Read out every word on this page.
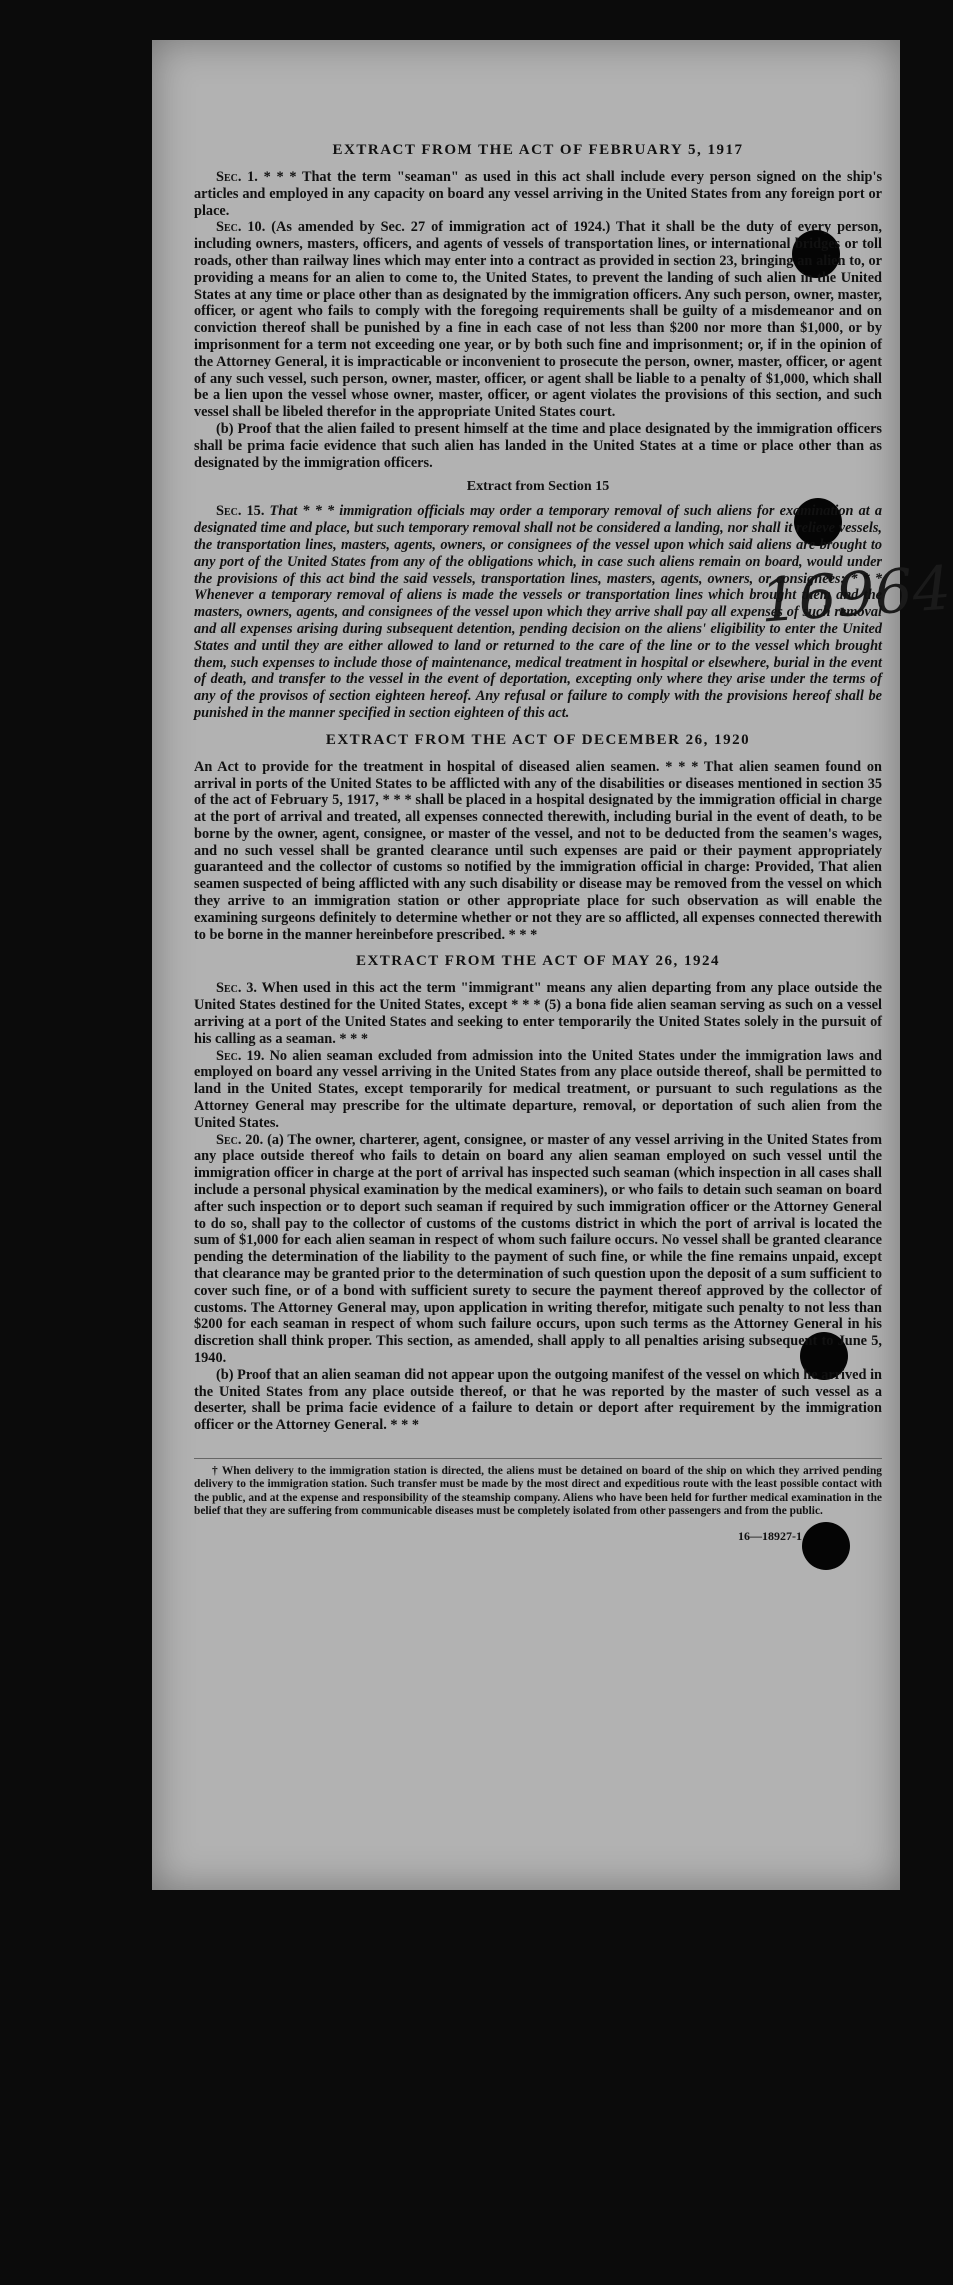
16964
EXTRACT FROM THE ACT OF FEBRUARY 5, 1917

Sec. 1. * * * That the term "seaman" as used in this act shall include every person signed on the ship's articles and employed in any capacity on board any vessel arriving in the United States from any foreign port or place.

Sec. 10. (As amended by Sec. 27 of immigration act of 1924.) That it shall be the duty of every person, including owners, masters, officers, and agents of vessels of transportation lines, or international bridges or toll roads, other than railway lines which may enter into a contract as provided in section 23, bringing an alien to, or providing a means for an alien to come to, the United States, to prevent the landing of such alien in the United States at any time or place other than as designated by the immigration officers. Any such person, owner, master, officer, or agent who fails to comply with the foregoing requirements shall be guilty of a misdemeanor and on conviction thereof shall be punished by a fine in each case of not less than $200 nor more than $1,000, or by imprisonment for a term not exceeding one year, or by both such fine and imprisonment; or, if in the opinion of the Attorney General, it is impracticable or inconvenient to prosecute the person, owner, master, officer, or agent of any such vessel, such person, owner, master, officer, or agent shall be liable to a penalty of $1,000, which shall be a lien upon the vessel whose owner, master, officer, or agent violates the provisions of this section, and such vessel shall be libeled therefor in the appropriate United States court.

(b) Proof that the alien failed to present himself at the time and place designated by the immigration officers shall be prima facie evidence that such alien has landed in the United States at a time or place other than as designated by the immigration officers.

Extract from Section 15

Sec. 15. That * * * immigration officials may order a temporary removal of such aliens for examination at a designated time and place, but such temporary removal shall not be considered a landing, nor shall it relieve vessels, the transportation lines, masters, agents, owners, or consignees of the vessel upon which said aliens are brought to any port of the United States from any of the obligations which, in case such aliens remain on board, would under the provisions of this act bind the said vessels, transportation lines, masters, agents, owners, or consignees: * * * Whenever a temporary removal of aliens is made the vessels or transportation lines which brought them and the masters, owners, agents, and consignees of the vessel upon which they arrive shall pay all expenses of such removal and all expenses arising during subsequent detention, pending decision on the aliens' eligibility to enter the United States and until they are either allowed to land or returned to the care of the line or to the vessel which brought them, such expenses to include those of maintenance, medical treatment in hospital or elsewhere, burial in the event of death, and transfer to the vessel in the event of deportation, excepting only where they arise under the terms of any of the provisos of section eighteen hereof. Any refusal or failure to comply with the provisions hereof shall be punished in the manner specified in section eighteen of this act.

EXTRACT FROM THE ACT OF DECEMBER 26, 1920

An Act to provide for the treatment in hospital of diseased alien seamen. * * * That alien seamen found on arrival in ports of the United States to be afflicted with any of the disabilities or diseases mentioned in section 35 of the act of February 5, 1917, * * * shall be placed in a hospital designated by the immigration official in charge at the port of arrival and treated, all expenses connected therewith, including burial in the event of death, to be borne by the owner, agent, consignee, or master of the vessel, and not to be deducted from the seamen's wages, and no such vessel shall be granted clearance until such expenses are paid or their payment appropriately guaranteed and the collector of customs so notified by the immigration official in charge: Provided, That alien seamen suspected of being afflicted with any such disability or disease may be removed from the vessel on which they arrive to an immigration station or other appropriate place for such observation as will enable the examining surgeons definitely to determine whether or not they are so afflicted, all expenses connected therewith to be borne in the manner hereinbefore prescribed. * * *

EXTRACT FROM THE ACT OF MAY 26, 1924

Sec. 3. When used in this act the term "immigrant" means any alien departing from any place outside the United States destined for the United States, except * * * (5) a bona fide alien seaman serving as such on a vessel arriving at a port of the United States and seeking to enter temporarily the United States solely in the pursuit of his calling as a seaman. * * *

Sec. 19. No alien seaman excluded from admission into the United States under the immigration laws and employed on board any vessel arriving in the United States from any place outside thereof, shall be permitted to land in the United States, except temporarily for medical treatment, or pursuant to such regulations as the Attorney General may prescribe for the ultimate departure, removal, or deportation of such alien from the United States.

Sec. 20. (a) The owner, charterer, agent, consignee, or master of any vessel arriving in the United States from any place outside thereof who fails to detain on board any alien seaman employed on such vessel until the immigration officer in charge at the port of arrival has inspected such seaman (which inspection in all cases shall include a personal physical examination by the medical examiners), or who fails to detain such seaman on board after such inspection or to deport such seaman if required by such immigration officer or the Attorney General to do so, shall pay to the collector of customs of the customs district in which the port of arrival is located the sum of $1,000 for each alien seaman in respect of whom such failure occurs. No vessel shall be granted clearance pending the determination of the liability to the payment of such fine, or while the fine remains unpaid, except that clearance may be granted prior to the determination of such question upon the deposit of a sum sufficient to cover such fine, or of a bond with sufficient surety to secure the payment thereof approved by the collector of customs. The Attorney General may, upon application in writing therefor, mitigate such penalty to not less than $200 for each seaman in respect of whom such failure occurs, upon such terms as the Attorney General in his discretion shall think proper. This section, as amended, shall apply to all penalties arising subsequent to June 5, 1940.

(b) Proof that an alien seaman did not appear upon the outgoing manifest of the vessel on which he arrived in the United States from any place outside thereof, or that he was reported by the master of such vessel as a deserter, shall be prima facie evidence of a failure to detain or deport after requirement by the immigration officer or the Attorney General. * * *

† When delivery to the immigration station is directed, the aliens must be detained on board of the ship on which they arrived pending delivery to the immigration station. Such transfer must be made by the most direct and expeditious route with the least possible contact with the public, and at the expense and responsibility of the steamship company. Aliens who have been held for further medical examination in the belief that they are suffering from communicable diseases must be completely isolated from other passengers and from the public.
16—18927-1
